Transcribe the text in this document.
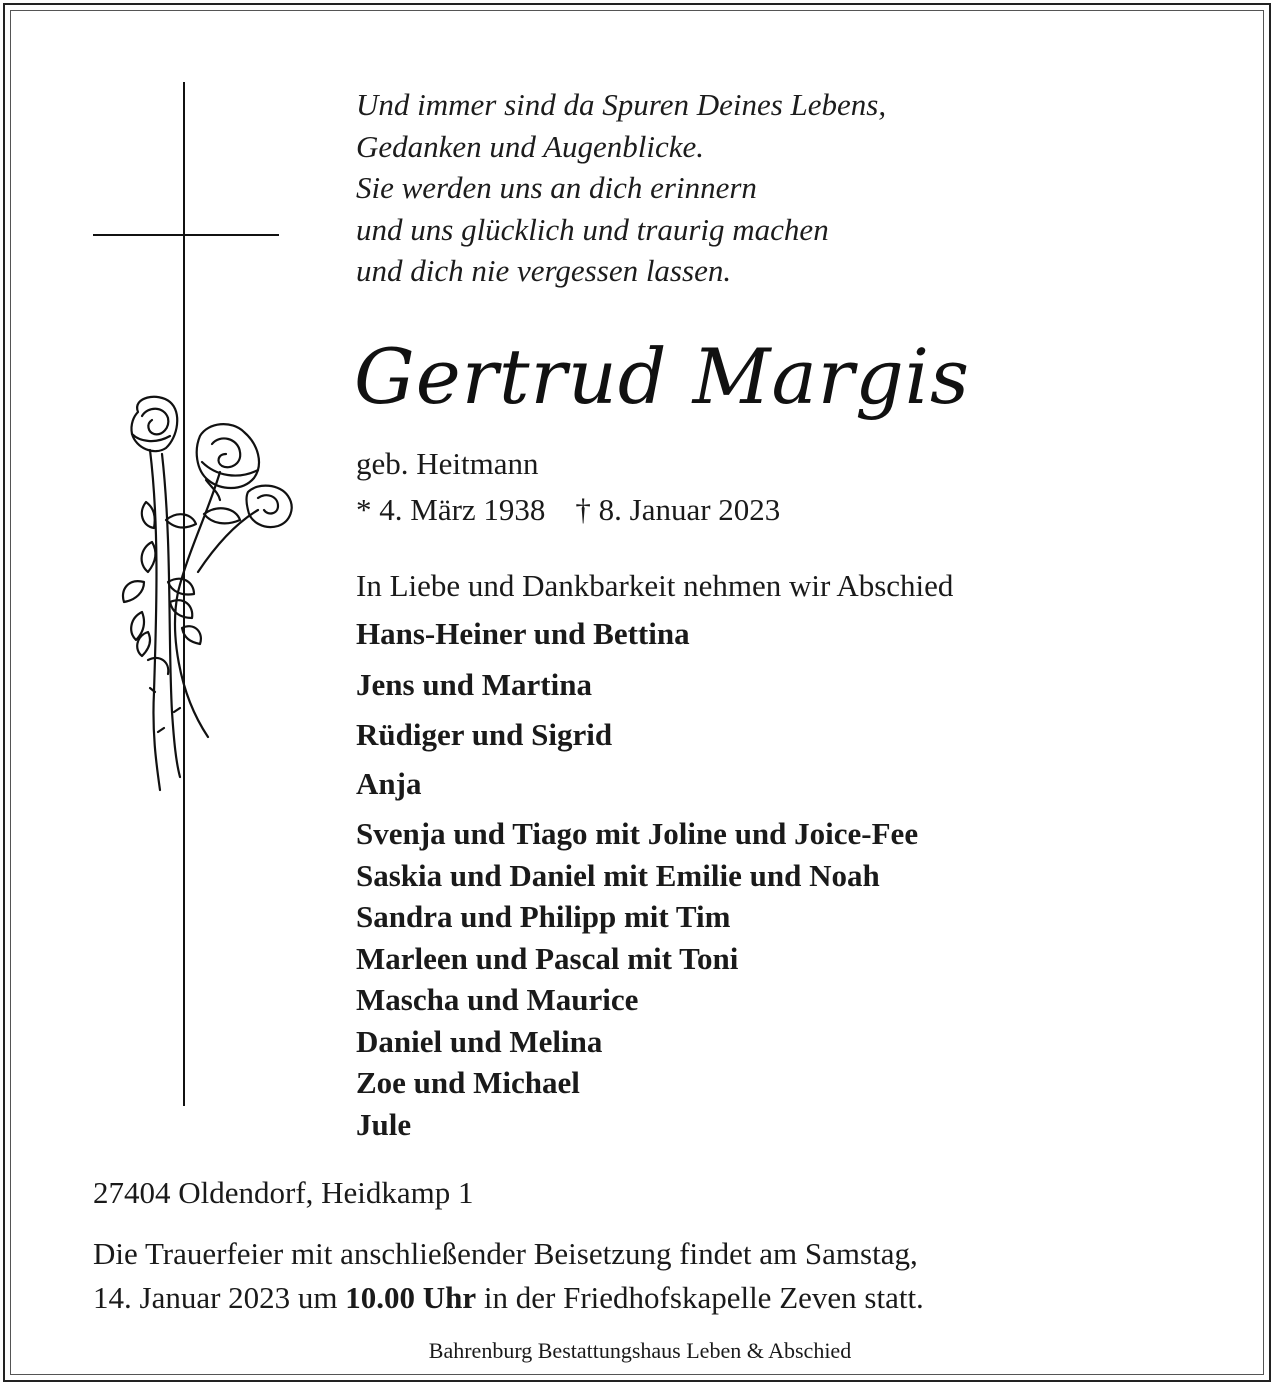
Und immer sind da Spuren Deines Lebens,
Gedanken und Augenblicke.
Sie werden uns an dich erinnern
und uns glücklich und traurig machen
und dich nie vergessen lassen.
Gertrud Margis
geb. Heitmann
* 4. März 1938 † 8. Januar 2023
In Liebe und Dankbarkeit nehmen wir Abschied
Hans-Heiner und Bettina
Jens und Martina
Rüdiger und Sigrid
Anja
Svenja und Tiago mit Joline und Joice-Fee
Saskia und Daniel mit Emilie und Noah
Sandra und Philipp mit Tim
Marleen und Pascal mit Toni
Mascha und Maurice
Daniel und Melina
Zoe und Michael
Jule
27404 Oldendorf, Heidkamp 1
Die Trauerfeier mit anschließender Beisetzung findet am Samstag,
14. Januar 2023 um 10.00 Uhr in der Friedhofskapelle Zeven statt.
Bahrenburg Bestattungshaus Leben & Abschied
